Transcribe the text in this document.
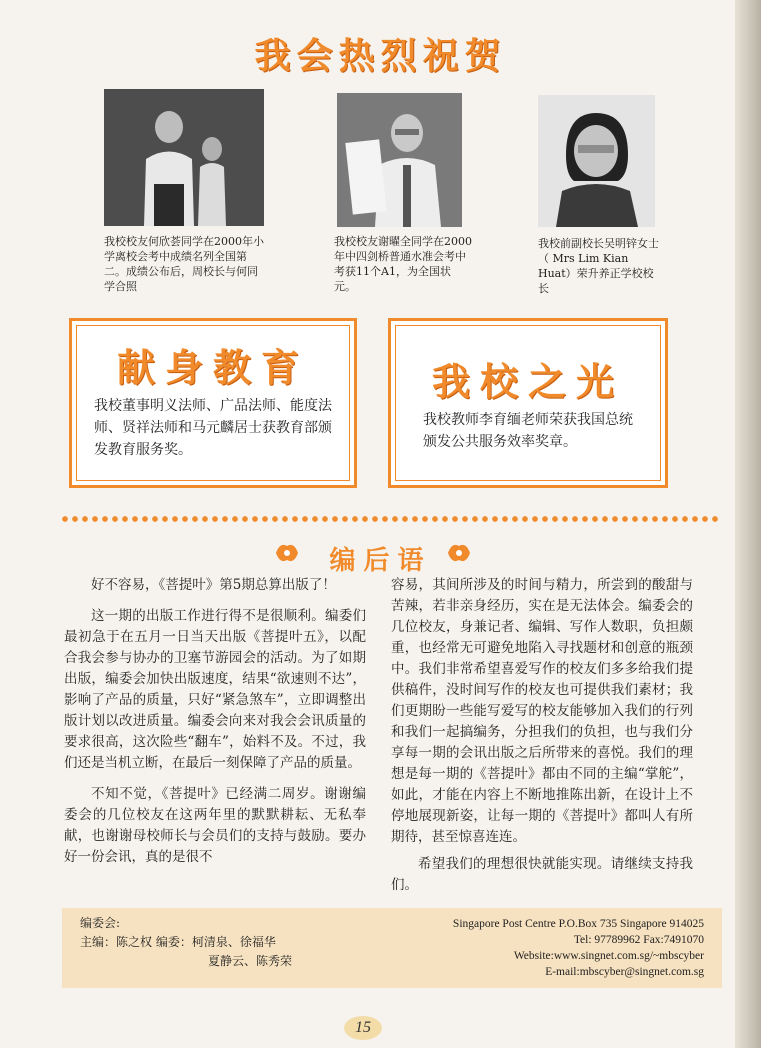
我会热烈祝贺
我校校友何欣荟同学在2000年小学离校会考中成绩名列全国第二。成绩公布后，周校长与何同学合照
我校校友谢曜全同学在2000年中四剑桥普通水准会考中考获11个A1，为全国状元。
我校前副校长吴明锌女士（ Mrs Lim Kian Huat）荣升养正学校校长
献身教育

我校董事明义法师、广品法师、能度法师、贤祥法师和马元麟居士获教育部颁发教育服务奖。

我校之光

我校教师李育缅老师荣获我国总统颁发公共服务效率奖章。

编后语

好不容易，《菩提叶》第5期总算出版了！

这一期的出版工作进行得不是很顺利。编委们最初急于在五月一日当天出版《菩提叶五》，以配合我会参与协办的卫塞节游园会的活动。为了如期出版，编委会加快出版速度，结果“欲速则不达”，影响了产品的质量，只好“紧急煞车”，立即调整出版计划以改进质量。编委会向来对我会会讯质量的要求很高，这次险些“翻车”，始料不及。不过，我们还是当机立断，在最后一刻保障了产品的质量。

不知不觉，《菩提叶》已经满二周岁。谢谢编委会的几位校友在这两年里的默默耕耘、无私奉献，也谢谢母校师长与会员们的支持与鼓励。要办好一份会讯，真的是很不

容易，其间所涉及的时间与精力，所尝到的酸甜与苦辣，若非亲身经历，实在是无法体会。编委会的几位校友，身兼记者、编辑、写作人数职，负担颇重，也经常无可避免地陷入寻找题材和创意的瓶颈中。我们非常希望喜爱写作的校友们多多给我们提供稿件，没时间写作的校友也可提供我们素材；我们更期盼一些能写爱写的校友能够加入我们的行列和我们一起搞编务，分担我们的负担，也与我们分享每一期的会讯出版之后所带来的喜悦。我们的理想是每一期的《菩提叶》都由不同的主编“掌舵”，如此，才能在内容上不断地推陈出新，在设计上不停地展现新姿，让每一期的《菩提叶》都叫人有所期待，甚至惊喜连连。

希望我们的理想很快就能实现。请继续支持我们。

编委会:
主编：陈之权 编委：柯清泉、徐福华
夏静云、陈秀荣
Singapore Post Centre P.O.Box 735 Singapore 914025
Tel: 97789962 Fax:7491070
Website:www.singnet.com.sg/~mbscyber
E-mail:mbscyber@singnet.com.sg
15
